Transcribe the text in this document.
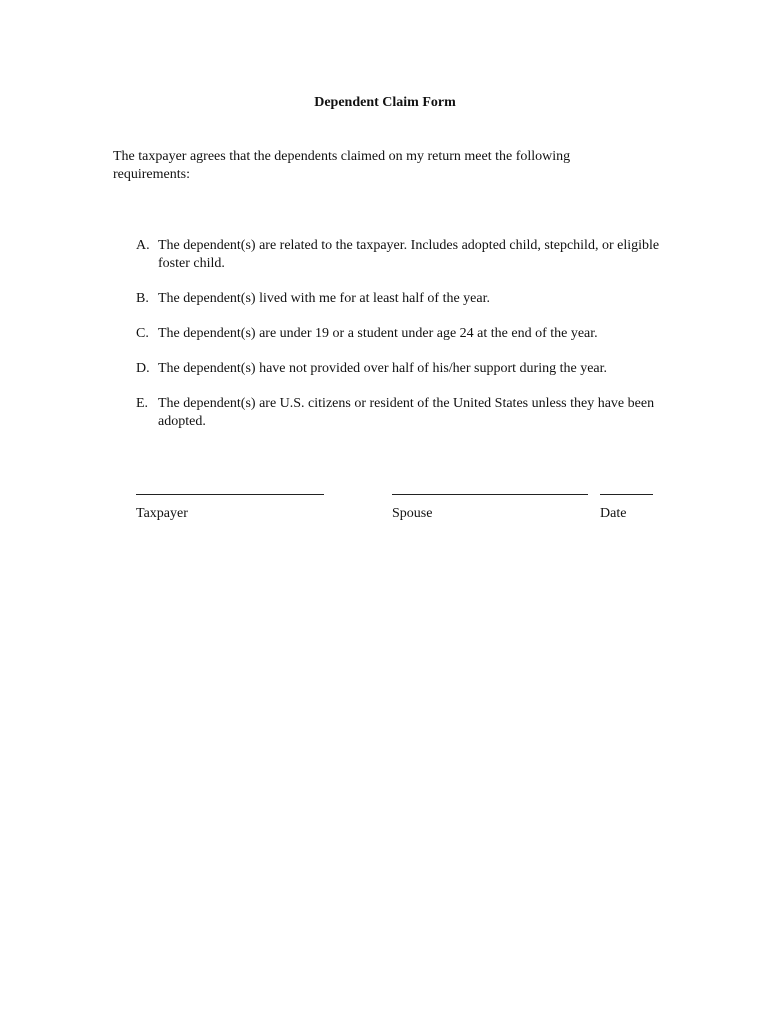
Dependent Claim Form
The taxpayer agrees that the dependents claimed on my return meet the following requirements:
A. The dependent(s) are related to the taxpayer. Includes adopted child, stepchild, or eligible foster child.
B. The dependent(s) lived with me for at least half of the year.
C. The dependent(s) are under 19 or a student under age 24 at the end of the year.
D. The dependent(s) have not provided over half of his/her support during the year.
E. The dependent(s) are U.S. citizens or resident of the United States unless they have been adopted.
Taxpayer	Spouse	Date
